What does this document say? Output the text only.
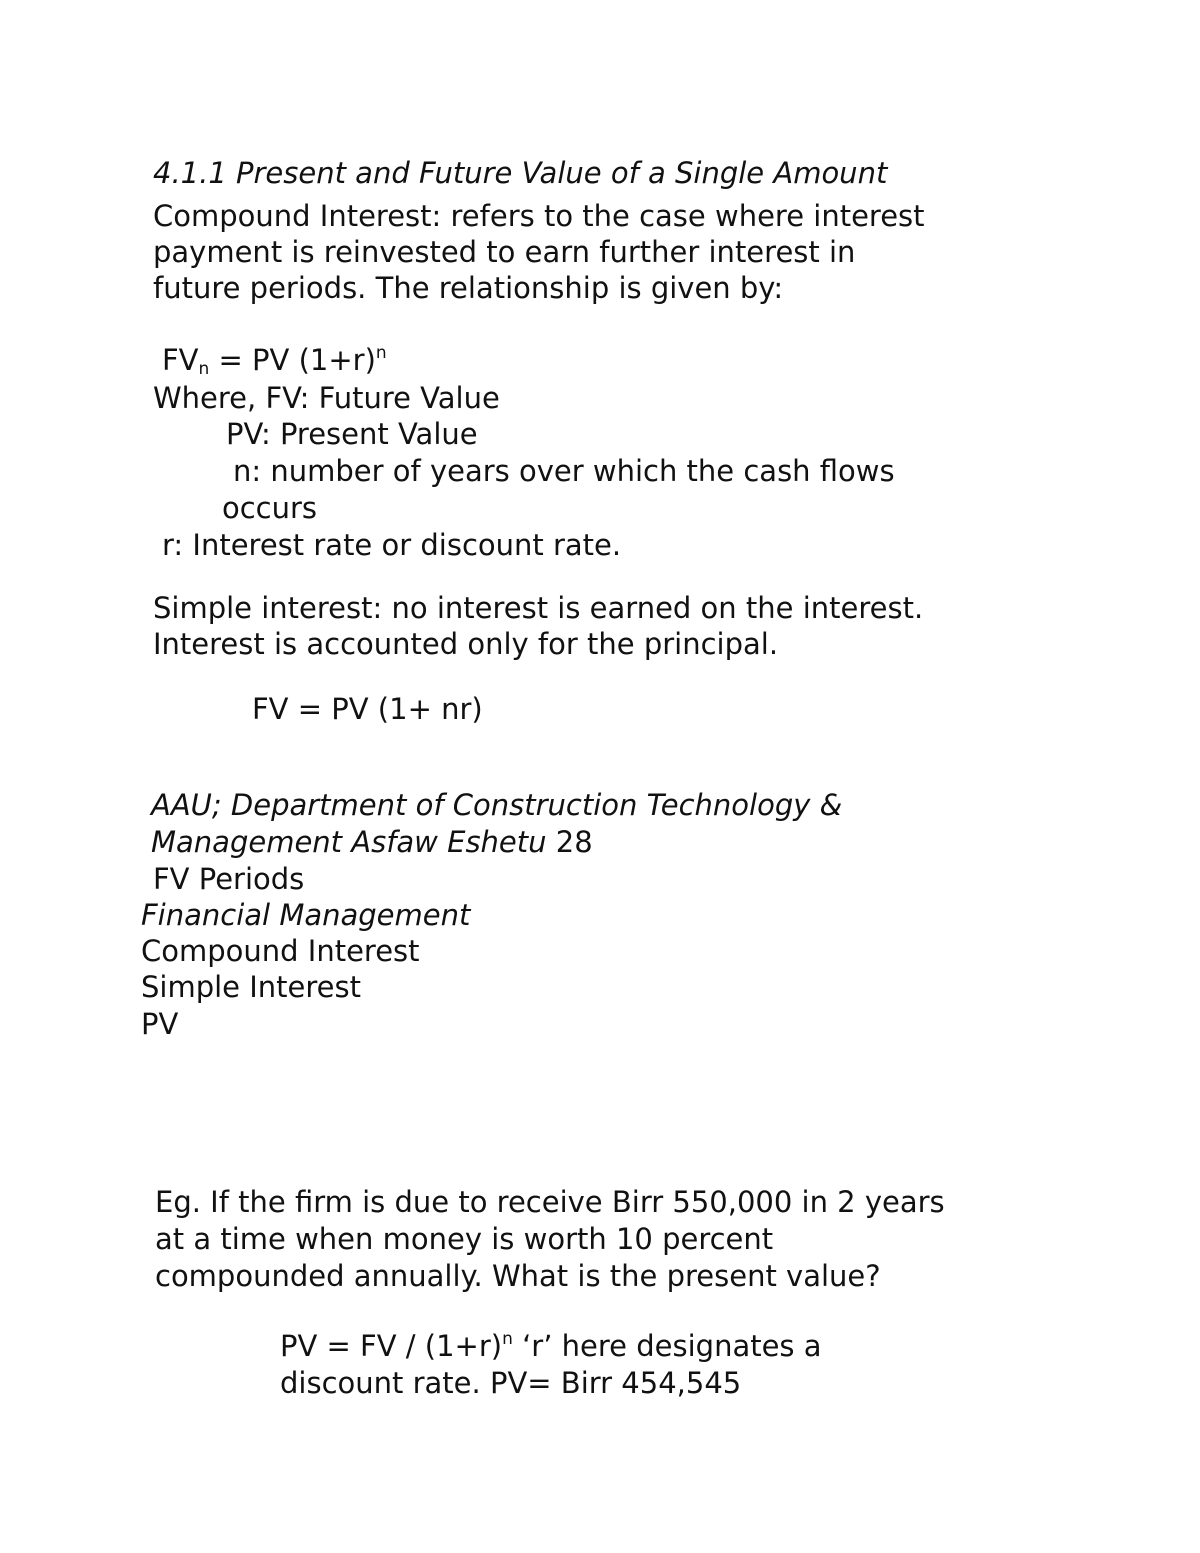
4.1.1 Present and Future Value of a Single Amount

Compound Interest: refers to the case where interest

payment is reinvested to earn further interest in

future periods. The relationship is given by:

$FV_n$ = PV $(1+r)^n$

Where, FV: Future Value

PV: Present Value

n: number of years over which the cash flows

occurs

r: Interest rate or discount rate.

Simple interest: no interest is earned on the interest.

Interest is accounted only for the principal.

FV = PV (1+ nr)

AAU; Department of Construction Technology &

Management Asfaw Eshetu 28

FV Periods

Financial Management

Compound Interest

Simple Interest

PV

Eg. If the firm is due to receive Birr 550,000 in 2 years

at a time when money is worth 10 percent

compounded annually. What is the present value?

PV = FV / $(1+r)^n$ ‘r’ here designates a

discount rate. PV= Birr 454,545
